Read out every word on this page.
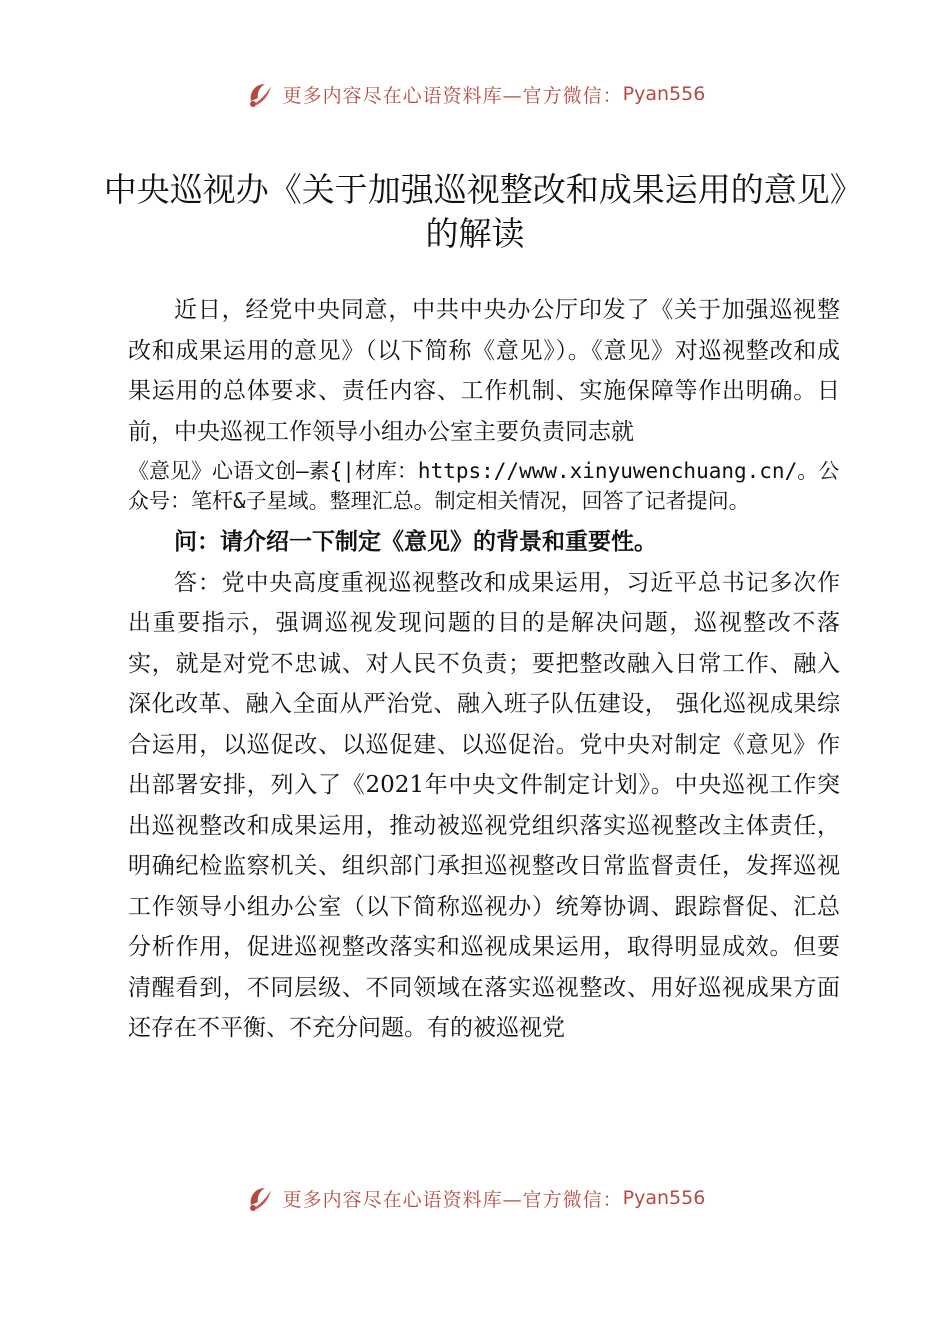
更多内容尽在心语资料库—官方微信： Pyan556
中央巡视办《关于加强巡视整改和成果运用的意见》的解读

近日，经党中央同意，中共中央办公厅印发了《关于加强巡视整改和成果运用的意见》（以下简称《意见》）。《意见》对巡视整改和成果运用的总体要求、责任内容、工作机制、实施保障等作出明确。日前，中央巡视工作领导小组办公室主要负责同志就

《意见》心语文创—素{|材库：https://www.xinyuwenchuang.cn/。公众号：笔杆&子星域。整理汇总。制定相关情况，回答了记者提问。

问：请介绍一下制定《意见》的背景和重要性。

答：党中央高度重视巡视整改和成果运用，习近平总书记多次作出重要指示，强调巡视发现问题的目的是解决问题，巡视整改不落实，就是对党不忠诚、对人民不负责；要把整改融入日常工作、融入深化改革、融入全面从严治党、融入班子队伍建设， 强化巡视成果综合运用，以巡促改、以巡促建、以巡促治。党中央对制定《意见》作出部署安排，列入了《2021年中央文件制定计划》。中央巡视工作突出巡视整改和成果运用，推动被巡视党组织落实巡视整改主体责任，明确纪检监察机关、组织部门承担巡视整改日常监督责任，发挥巡视工作领导小组办公室（以下简称巡视办）统筹协调、跟踪督促、汇总分析作用，促进巡视整改落实和巡视成果运用，取得明显成效。但要清醒看到，不同层级、不同领域在落实巡视整改、用好巡视成果方面还存在不平衡、不充分问题。有的被巡视党

更多内容尽在心语资料库—官方微信： Pyan556
